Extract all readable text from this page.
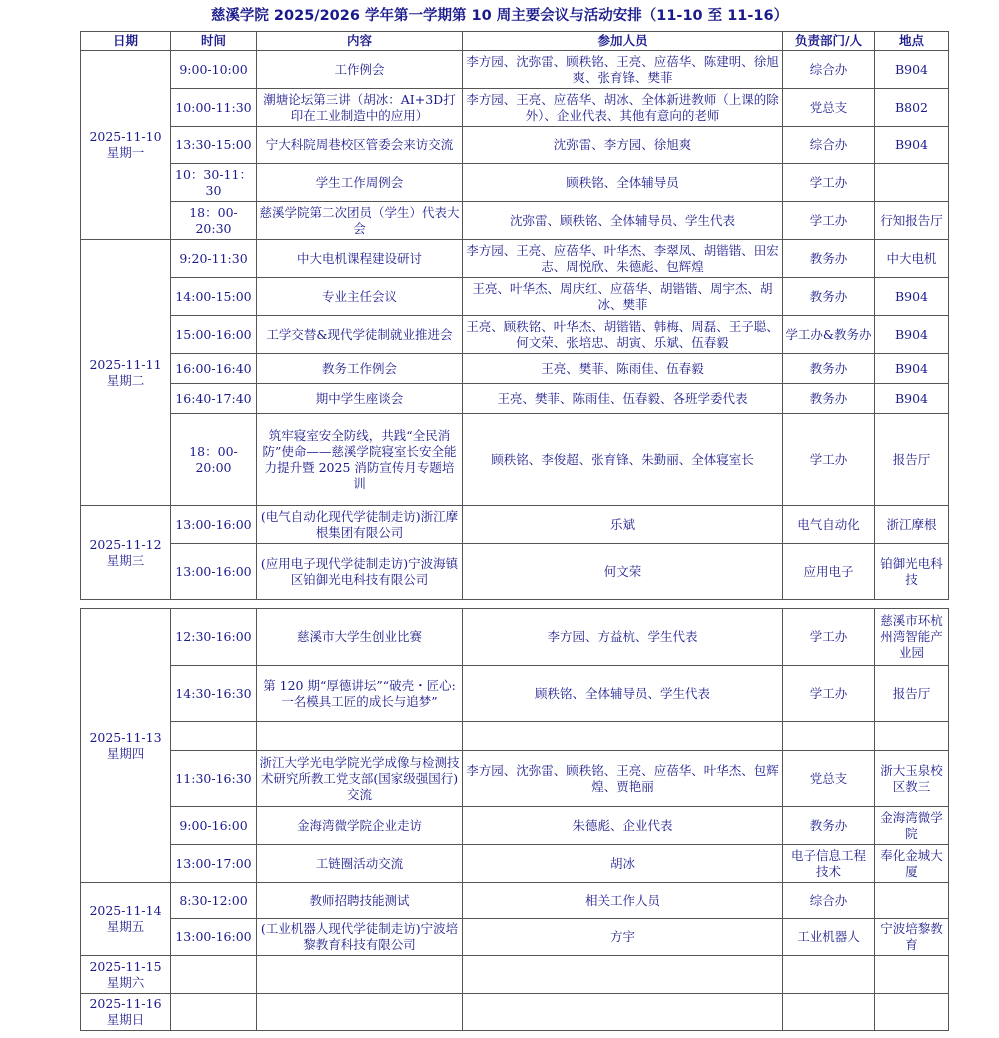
慈溪学院 2025/2026 学年第一学期第 10 周主要会议与活动安排（11-10 至 11-16）
日期	时间	内容	参加人员	负责部门/人	地点

2025-11-10
星期一	9:00-10:00	工作例会	李方园、沈弥雷、顾秩铭、王亮、应蓓华、陈建明、徐旭爽、张育锋、樊菲	综合办	B904
	10:00-11:30	潮塘论坛第三讲（胡冰：AI+3D打印在工业制造中的应用）	李方园、王亮、应蓓华、胡冰、全体新进教师（上课的除外）、企业代表、其他有意向的老师	党总支	B802
	13:30-15:00	宁大科院周巷校区管委会来访交流	沈弥雷、李方园、徐旭爽	综合办	B904
	10：30-11：30	学生工作周例会	顾秩铭、全体辅导员	学工办	
	18：00-20:30	慈溪学院第二次团员（学生）代表大会	沈弥雷、顾秩铭、全体辅导员、学生代表	学工办	行知报告厅

2025-11-11
星期二	9:20-11:30	中大电机课程建设研讨	李方园、王亮、应蓓华、叶华杰、李翠凤、胡锴锴、田宏志、周悦欣、朱德彪、包辉煌	教务办	中大电机
	14:00-15:00	专业主任会议	王亮、叶华杰、周庆红、应蓓华、胡锴锴、周宇杰、胡冰、樊菲	教务办	B904
	15:00-16:00	工学交替&现代学徒制就业推进会	王亮、顾秩铭、叶华杰、胡锴锴、韩梅、周磊、王子聪、何文荣、张培忠、胡寅、乐斌、伍春毅	学工办&教务办	B904
	16:00-16:40	教务工作例会	王亮、樊菲、陈雨佳、伍春毅	教务办	B904
	16:40-17:40	期中学生座谈会	王亮、樊菲、陈雨佳、伍春毅、各班学委代表	教务办	B904
	18：00-20:00	筑牢寝室安全防线，共践“全民消防”使命——慈溪学院寝室长安全能力提升暨 2025 消防宣传月专题培训	顾秩铭、李俊超、张育锋、朱勤丽、全体寝室长	学工办	报告厅

2025-11-12
星期三	13:00-16:00	(电气自动化现代学徒制走访)浙江摩根集团有限公司	乐斌	电气自动化	浙江摩根
	13:00-16:00	(应用电子现代学徒制走访)宁波海镇区铂御光电科技有限公司	何文荣	应用电子	铂御光电科技
2025-11-13
星期四	12:30-16:00	慈溪市大学生创业比赛	李方园、方益杭、学生代表	学工办	慈溪市环杭州湾智能产业园
	14:30-16:30	第 120 期“厚德讲坛”“破壳・匠心: 一名模具工匠的成长与追梦”	顾秩铭、全体辅导员、学生代表	学工办	报告厅

	11:30-16:30	浙江大学光电学院光学成像与检测技术研究所教工党支部(国家级强国行) 交流	李方园、沈弥雷、顾秩铭、王亮、应蓓华、叶华杰、包辉煌、贾艳丽	党总支	浙大玉泉校区教三
	9:00-16:00	金海湾微学院企业走访	朱德彪、企业代表	教务办	金海湾微学院
	13:00-17:00	工链圈活动交流	胡冰	电子信息工程技术	奉化金城大厦

2025-11-14
星期五	8:30-12:00	教师招聘技能测试	相关工作人员	综合办	
	13:00-16:00	(工业机器人现代学徒制走访)宁波培黎教育科技有限公司	方宇	工业机器人	宁波培黎教育

2025-11-15
星期六					

2025-11-16
星期日					
